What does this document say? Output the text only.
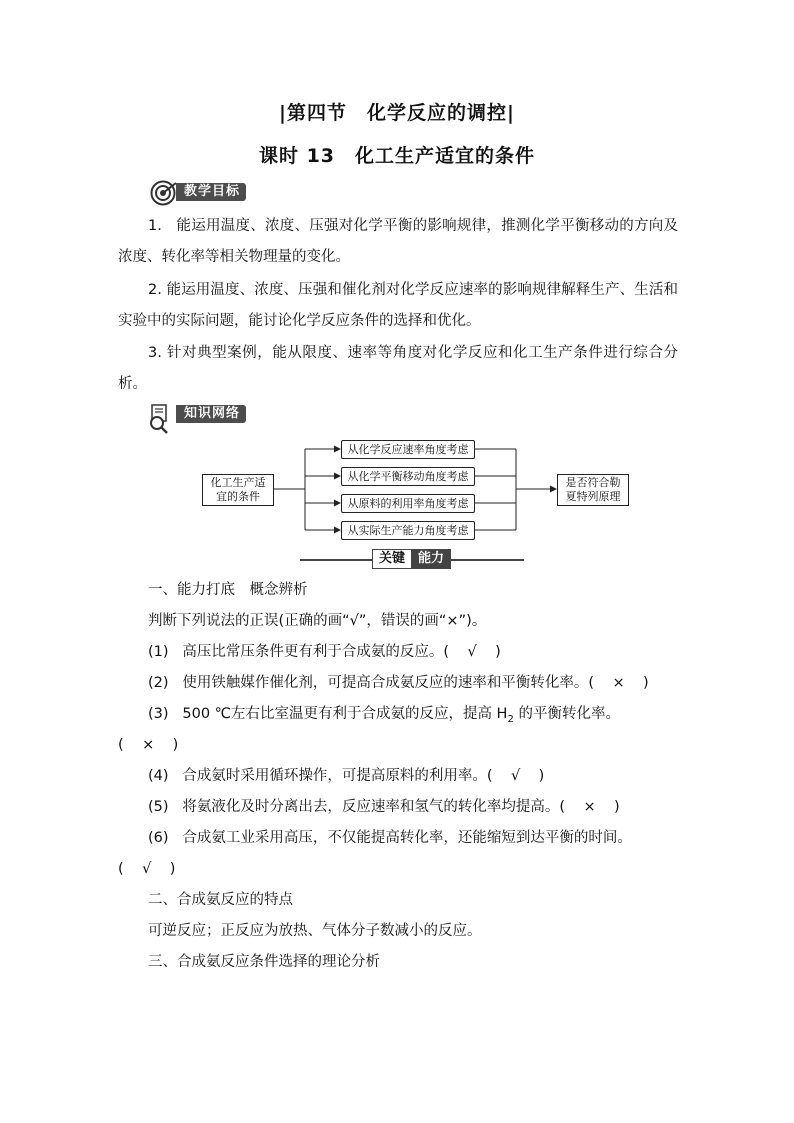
|第四节　化学反应的调控|
课时 13　化工生产适宜的条件
教学目标
1. 能运用温度、浓度、压强对化学平衡的影响规律，推测化学平衡移动的方向及浓度、转化率等相关物理量的变化。
2. 能运用温度、浓度、压强和催化剂对化学反应速率的影响规律解释生产、生活和实验中的实际问题，能讨论化学反应条件的选择和优化。
3. 针对典型案例，能从限度、速率等角度对化学反应和化工生产条件进行综合分析。
知识网络
化工生产适宜的条件
从化学反应速率角度考虑
从化学平衡移动角度考虑
从原料的利用率角度考虑
从实际生产能力角度考虑
是否符合勒夏特列原理
关键 能力
一、能力打底　概念辨析
判断下列说法的正误(正确的画“√”，错误的画“×”)。
(1) 高压比常压条件更有利于合成氨的反应。(    √    )
(2) 使用铁触媒作催化剂，可提高合成氨反应的速率和平衡转化率。(    ×    )
(3) 500 ℃左右比室温更有利于合成氨的反应，提高 $H_2$ 的平衡转化率。
(    ×    )
(4) 合成氨时采用循环操作，可提高原料的利用率。(    √    )
(5) 将氨液化及时分离出去，反应速率和氢气的转化率均提高。(    ×    )
(6) 合成氨工业采用高压，不仅能提高转化率，还能缩短到达平衡的时间。
(    √    )
二、合成氨反应的特点
可逆反应；正反应为放热、气体分子数减小的反应。
三、合成氨反应条件选择的理论分析
